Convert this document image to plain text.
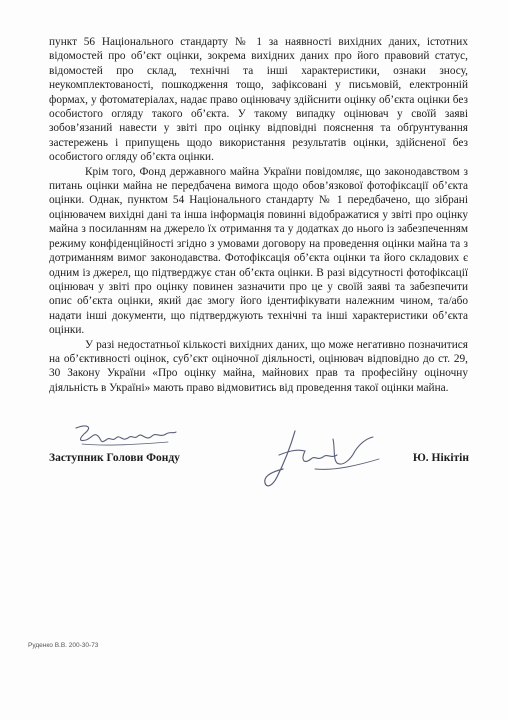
пункт 56 Національного стандарту № 1 за наявності вихідних даних, істотних відомостей про об’єкт оцінки, зокрема вихідних даних про його правовий статус, відомостей про склад, технічні та інші характеристики, ознаки зносу, неукомплектованості, пошкодження тощо, зафіксовані у письмовій, електронній формах, у фотоматеріалах, надає право оцінювачу здійснити оцінку об’єкта оцінки без особистого огляду такого об’єкта. У такому випадку оцінювач у своїй заяві зобов’язаний навести у звіті про оцінку відповідні пояснення та обґрунтування застережень і припущень щодо використання результатів оцінки, здійсненої без особистого огляду об’єкта оцінки.

Крім того, Фонд державного майна України повідомляє, що законодавством з питань оцінки майна не передбачена вимога щодо обов’язкової фотофіксації об’єкта оцінки. Однак, пунктом 54 Національного стандарту № 1 передбачено, що зібрані оцінювачем вихідні дані та інша інформація повинні відображатися у звіті про оцінку майна з посиланням на джерело їх отримання та у додатках до нього із забезпеченням режиму конфіденційності згідно з умовами договору на проведення оцінки майна та з дотриманням вимог законодавства. Фотофіксація об’єкта оцінки та його складових є одним із джерел, що підтверджує стан об’єкта оцінки. В разі відсутності фотофіксації оцінювач у звіті про оцінку повинен зазначити про це у своїй заяві та забезпечити опис об’єкта оцінки, який дає змогу його ідентифікувати належним чином, та/або надати інші документи, що підтверджують технічні та інші характеристики об’єкта оцінки.

У разі недостатньої кількості вихідних даних, що може негативно позначитися на об’єктивності оцінок, суб’єкт оціночної діяльності, оцінювач відповідно до ст. 29, 30 Закону України «Про оцінку майна, майнових прав та професійну оціночну діяльність в Україні» мають право відмовитись від проведення такої оцінки майна.

Заступник Голови Фонду	Ю. Нікітін
Руденко В.В. 200-30-73
